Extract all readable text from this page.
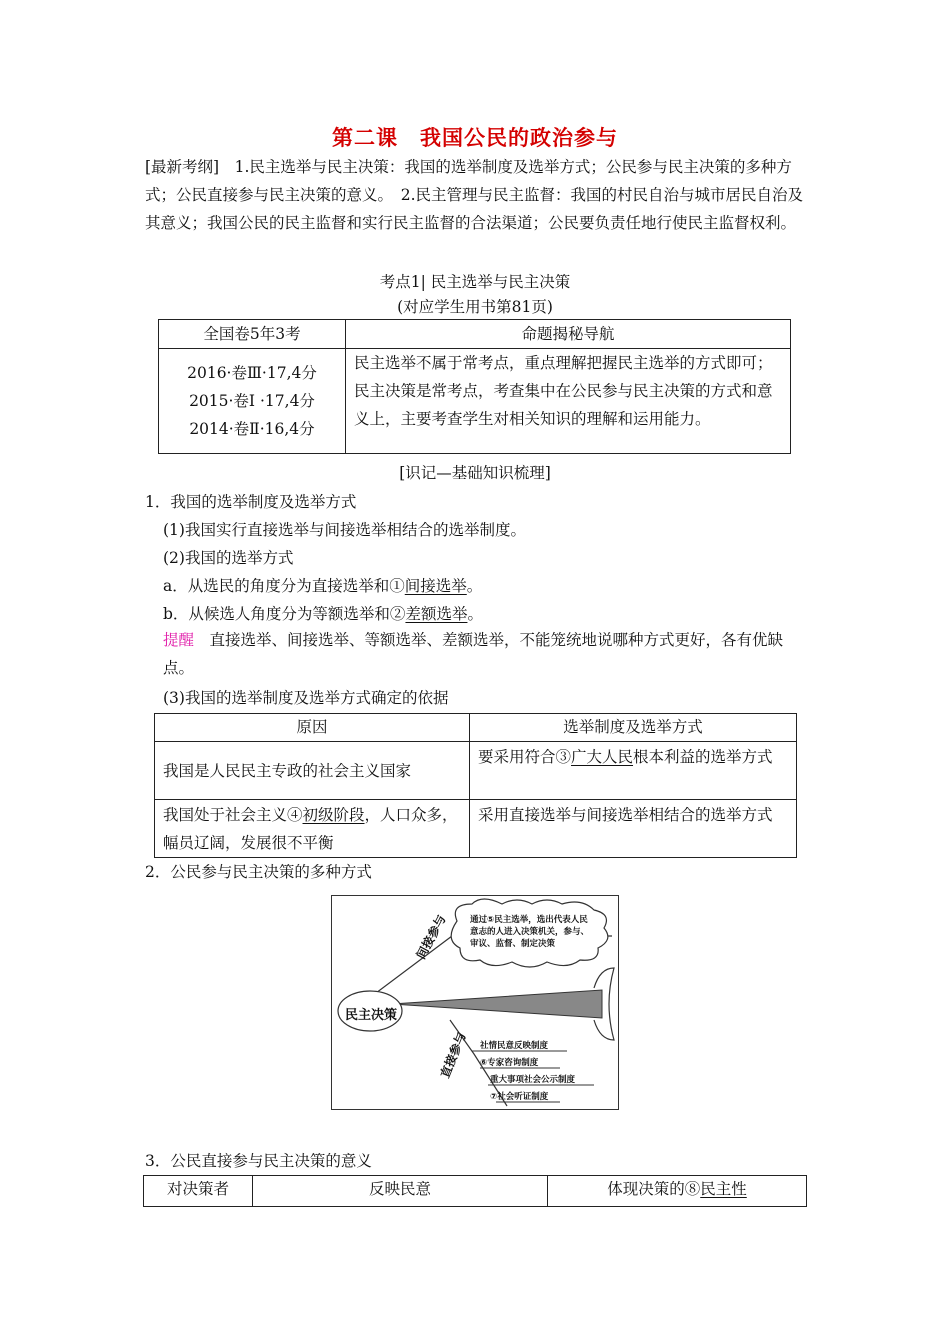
第二课　我国公民的政治参与
[最新考纲]　1.民主选举与民主决策：我国的选举制度及选举方式；公民参与民主决策的多种方式；公民直接参与民主决策的意义。　2.民主管理与民主监督：我国的村民自治与城市居民自治及其意义；我国公民的民主监督和实行民主监督的合法渠道；公民要负责任地行使民主监督权利。
考点1| 民主选举与民主决策
(对应学生用书第81页)
全国卷5年3考	命题揭秘导航

2016·卷Ⅲ·17,4分
2015·卷Ⅰ ·17,4分
2014·卷Ⅱ·16,4分	民主选举不属于常考点，重点理解把握民主选举的方式即可；民主决策是常考点，考查集中在公民参与民主决策的方式和意义上，主要考查学生对相关知识的理解和运用能力。
[识记—基础知识梳理]
1．我国的选举制度及选举方式
(1)我国实行直接选举与间接选举相结合的选举制度。
(2)我国的选举方式
a．从选民的角度分为直接选举和①间接选举。
b．从候选人角度分为等额选举和②差额选举。
提醒　直接选举、间接选举、等额选举、差额选举，不能笼统地说哪种方式更好，各有优缺点。
(3)我国的选举制度及选举方式确定的依据
原因	选举制度及选举方式
我国是人民民主专政的社会主义国家	要采用符合③广大人民根本利益的选举方式
我国处于社会主义④初级阶段，人口众多，幅员辽阔，发展很不平衡	采用直接选举与间接选举相结合的选举方式
2．公民参与民主决策的多种方式
民主决策
间接参与	通过⑤民主选举，选出代表人民
意志的人进入决策机关，参与、
审议、监督、制定决策
直接参与 社情民意反映制度
⑥专家咨询制度
重大事项社会公示制度
⑦社会听证制度
3．公民直接参与民主决策的意义
对决策者	反映民意	体现决策的⑧民主性
